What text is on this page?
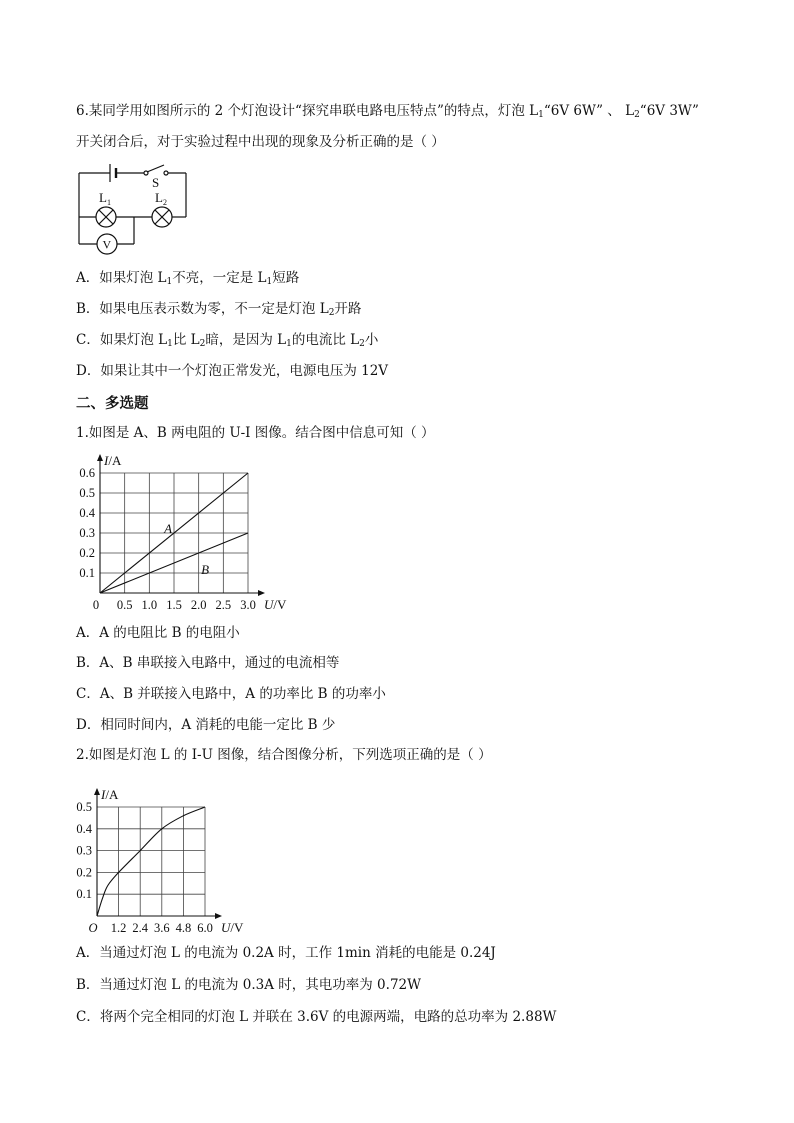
6.某同学用如图所示的 2 个灯泡设计“探究串联电路电压特点”的特点，灯泡 $L_1“6V$ 6W” 、 $L_2“6V$ 3W”
开关闭合后，对于实验过程中出现的现象及分析正确的是（ ）
S
$L_1$	$L_2$
V
A．如果灯泡 $L_1$不亮，一定是 $L_1$短路
B．如果电压表示数为零，不一定是灯泡 $L_2$开路
C．如果灯泡 $L_1$比 $L_2$暗，是因为 $L_1$的电流比 $L_2$小
D．如果让其中一个灯泡正常发光，电源电压为 12V
二、多选题
1.如图是 A、B 两电阻的 U-I 图像。结合图中信息可知（ ）
0.5 1.0 1.5 2.0 2.5 3.0
0.1
0.2
0.3
0.4
0.5
0.6
0
I/A
U/V
A
B
A．A 的电阻比 B 的电阻小
B．A、B 串联接入电路中，通过的电流相等
C．A、B 并联接入电路中，A 的功率比 B 的功率小
D．相同时间内，A 消耗的电能一定比 B 少
2.如图是灯泡 L 的 I-U 图像，结合图像分析，下列选项正确的是（ ）
1.2 2.4 3.6 4.8 6.0
0.1
0.2
0.3
0.4
0.5
O
I/A
U/V
A．当通过灯泡 L 的电流为 0.2A 时，工作 1min 消耗的电能是 0.24J
B．当通过灯泡 L 的电流为 0.3A 时，其电功率为 0.72W
C．将两个完全相同的灯泡 L 并联在 3.6V 的电源两端，电路的总功率为 2.88W
